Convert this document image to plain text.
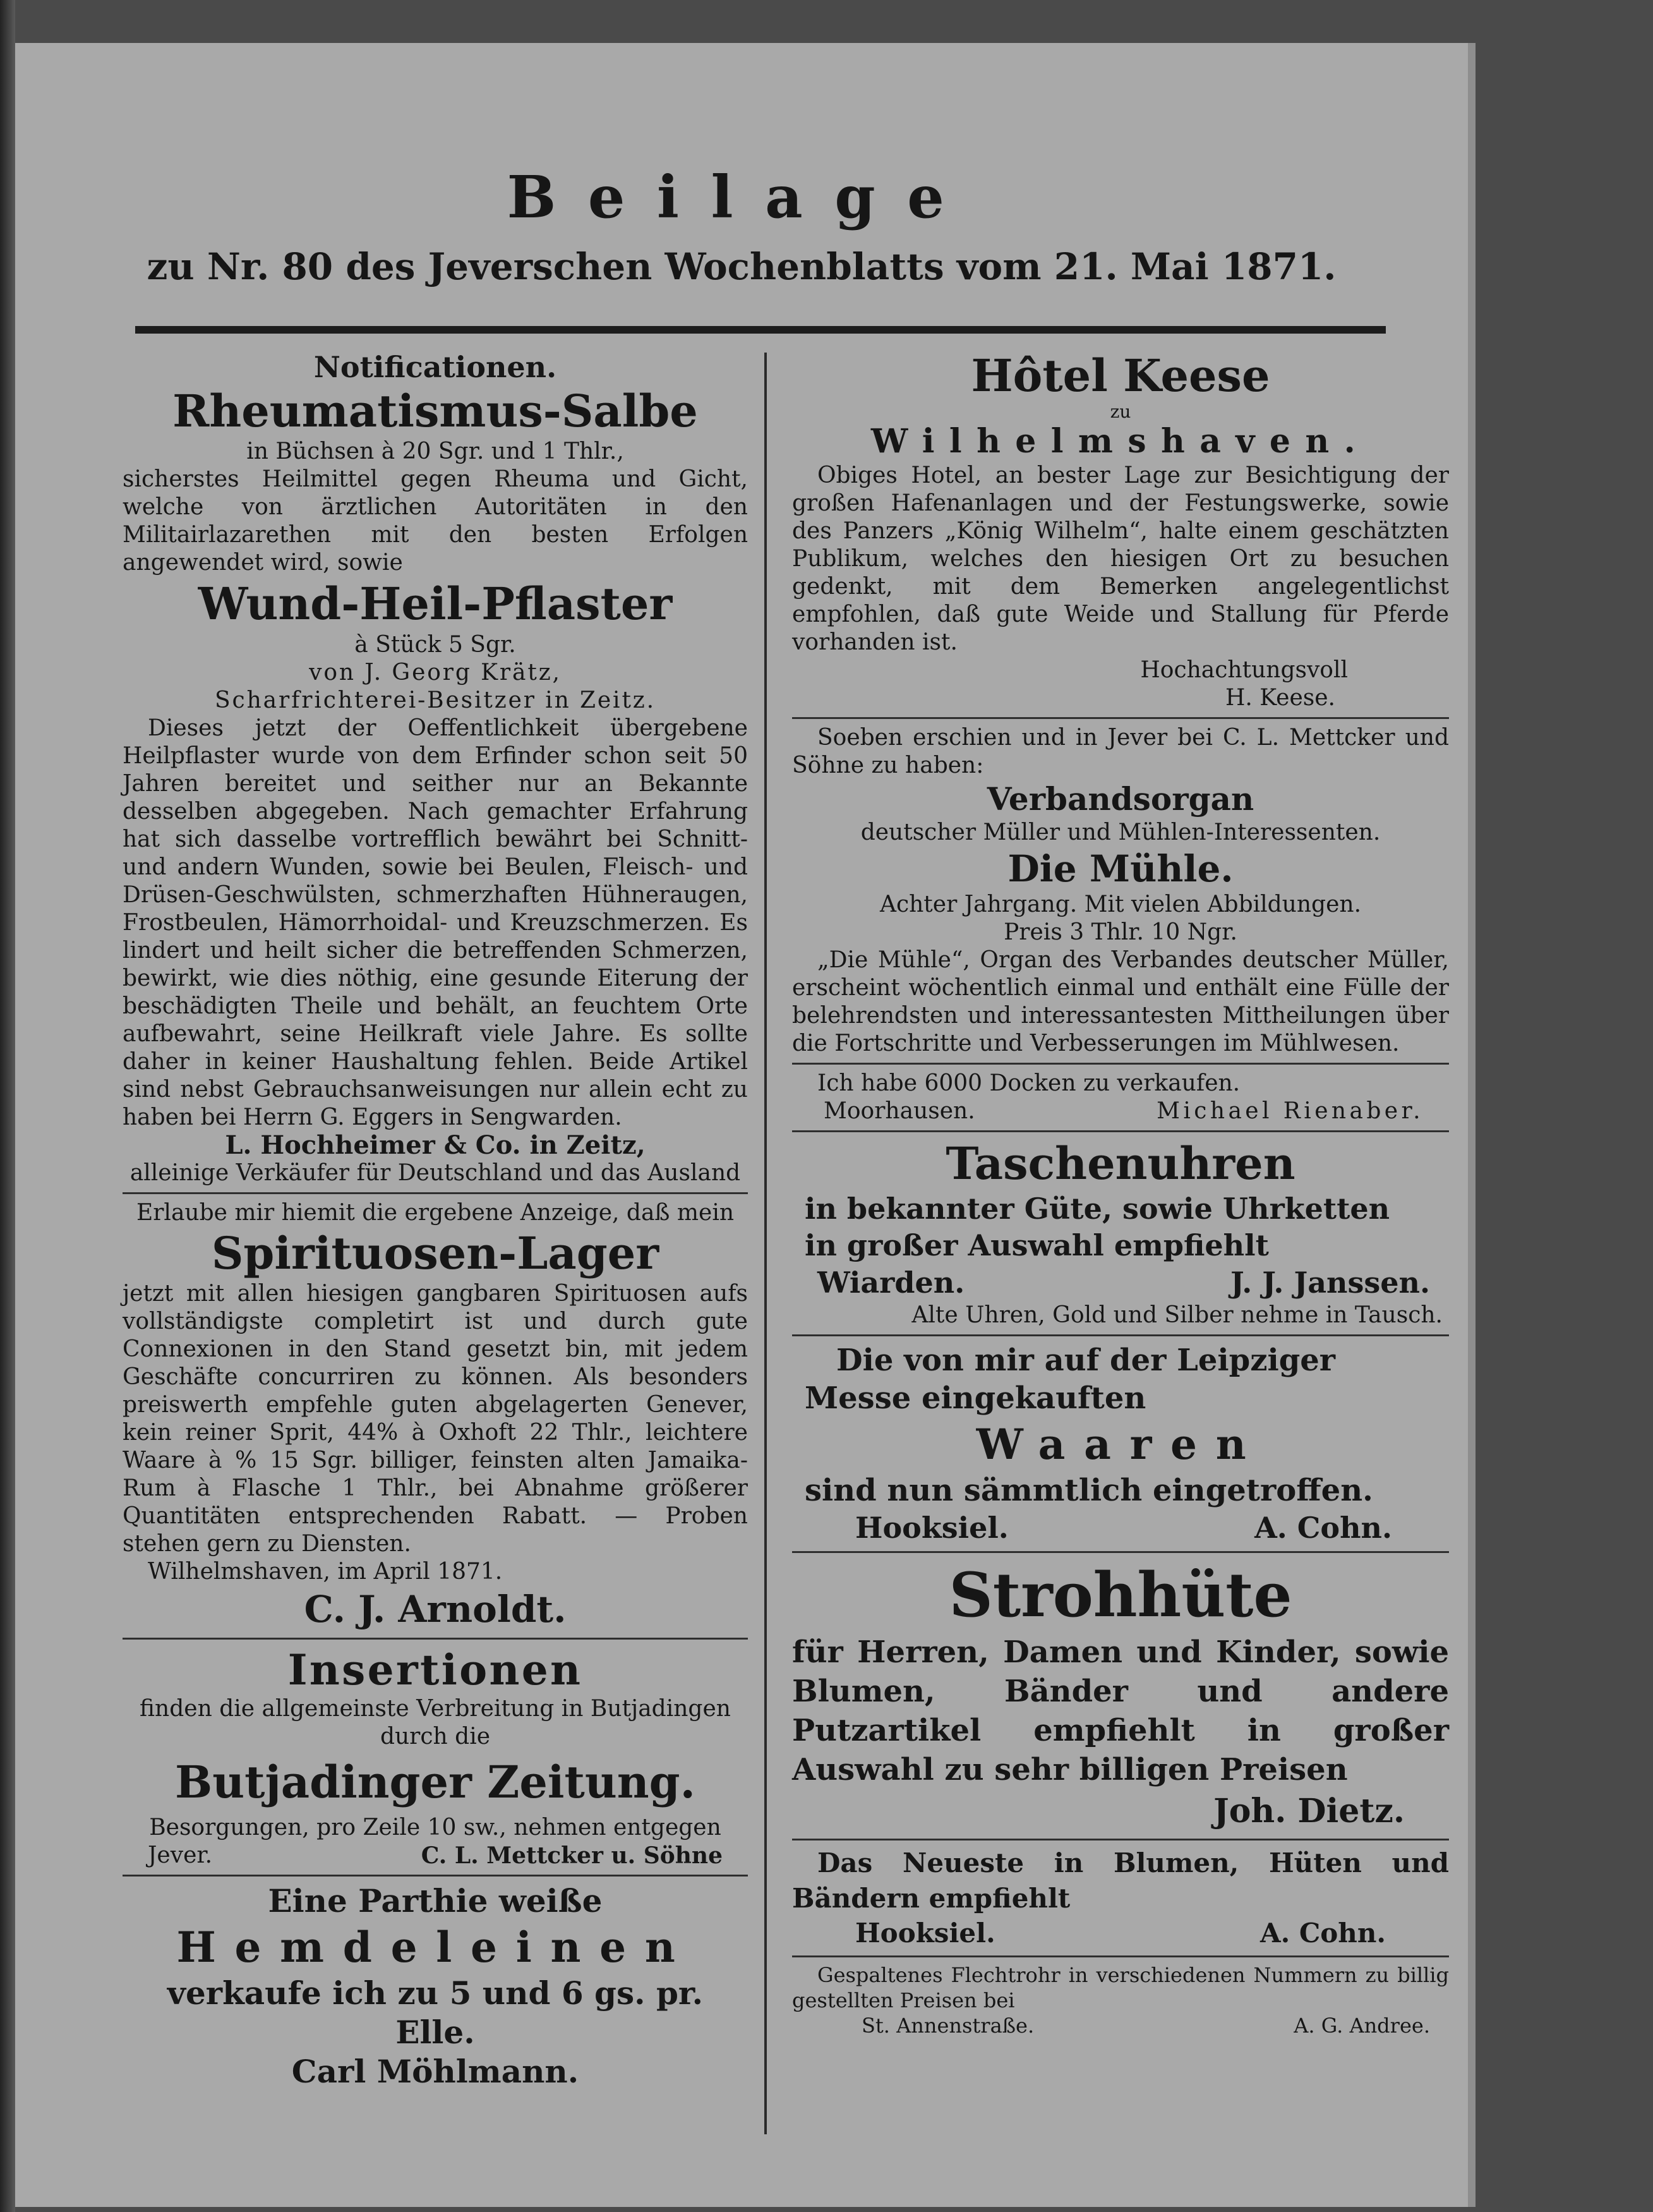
Beilage
zu Nr. 80 des Jeverschen Wochenblatts vom 21. Mai 1871.

Notificationen.

Rheumatismus-Salbe

in Büchsen à 20 Sgr. und 1 Thlr.,

sicherstes Heilmittel gegen Rheuma und Gicht, welche von ärztlichen Autoritäten in den Militairlazarethen mit den besten Erfolgen angewendet wird, sowie

Wund-Heil-Pflaster

à Stück 5 Sgr.

von J. Georg Krätz,

Scharfrichterei-Besitzer in Zeitz.

Dieses jetzt der Oeffentlichkeit übergebene Heilpflaster wurde von dem Erfinder schon seit 50 Jahren bereitet und seither nur an Bekannte desselben abgegeben. Nach gemachter Erfahrung hat sich dasselbe vortrefflich bewährt bei Schnitt- und andern Wunden, sowie bei Beulen, Fleisch- und Drüsen-Geschwülsten, schmerzhaften Hühneraugen, Frostbeulen, Hämorrhoidal- und Kreuzschmerzen. Es lindert und heilt sicher die betreffenden Schmerzen, bewirkt, wie dies nöthig, eine gesunde Eiterung der beschädigten Theile und behält, an feuchtem Orte aufbewahrt, seine Heilkraft viele Jahre. Es sollte daher in keiner Haushaltung fehlen. Beide Artikel sind nebst Gebrauchsanweisungen nur allein echt zu haben bei Herrn G. Eggers in Sengwarden.

L. Hochheimer & Co. in Zeitz,

alleinige Verkäufer für Deutschland und das Ausland

Erlaube mir hiemit die ergebene Anzeige, daß mein

Spirituosen-Lager

jetzt mit allen hiesigen gangbaren Spirituosen aufs vollständigste completirt ist und durch gute Connexionen in den Stand gesetzt bin, mit jedem Geschäfte concurriren zu können. Als besonders preiswerth empfehle guten abgelagerten Genever, kein reiner Sprit, 44% à Oxhoft 22 Thlr., leichtere Waare à % 15 Sgr. billiger, feinsten alten Jamaika-Rum à Flasche 1 Thlr., bei Abnahme größerer Quantitäten entsprechenden Rabatt. — Proben stehen gern zu Diensten.

Wilhelmshaven, im April 1871.

C. J. Arnoldt.

Insertionen

finden die allgemeinste Verbreitung in Butjadingen durch die

Butjadinger Zeitung.

Besorgungen, pro Zeile 10 sw., nehmen entgegen

Jever.	C. L. Mettcker u. Söhne

Eine Parthie weiße

Hemdeleinen

verkaufe ich zu 5 und 6 gs. pr. Elle.

Carl Möhlmann.

Hôtel Keese

zu

Wilhelmshaven.

Obiges Hotel, an bester Lage zur Besichtigung der großen Hafenanlagen und der Festungswerke, sowie des Panzers „König Wilhelm“, halte einem geschätzten Publikum, welches den hiesigen Ort zu besuchen gedenkt, mit dem Bemerken angelegentlichst empfohlen, daß gute Weide und Stallung für Pferde vorhanden ist.

Hochachtungsvoll

H. Keese.

Soeben erschien und in Jever bei C. L. Mettcker und Söhne zu haben:

Verbandsorgan

deutscher Müller und Mühlen-Interessenten.

Die Mühle.

Achter Jahrgang. Mit vielen Abbildungen.

Preis 3 Thlr. 10 Ngr.

„Die Mühle“, Organ des Verbandes deutscher Müller, erscheint wöchentlich einmal und enthält eine Fülle der belehrendsten und interessantesten Mittheilungen über die Fortschritte und Verbesserungen im Mühlwesen.

Ich habe 6000 Docken zu verkaufen.

Moorhausen.	Michael Rienaber.

Taschenuhren

in bekannter Güte, sowie Uhrketten

in großer Auswahl empfiehlt

Wiarden.	J. J. Janssen.

Alte Uhren, Gold und Silber nehme in Tausch.

Die von mir auf der Leipziger

Messe eingekauften

Waaren

sind nun sämmtlich eingetroffen.

Hooksiel.	A. Cohn.

Strohhüte

für Herren, Damen und Kinder, sowie Blumen, Bänder und andere Putzartikel empfiehlt in großer Auswahl zu sehr billigen Preisen

Joh. Dietz.

Das Neueste in Blumen, Hüten und Bändern empfiehlt

Hooksiel.	A. Cohn.

Gespaltenes Flechtrohr in verschiedenen Nummern zu billig gestellten Preisen bei

St. Annenstraße.	A. G. Andree.
